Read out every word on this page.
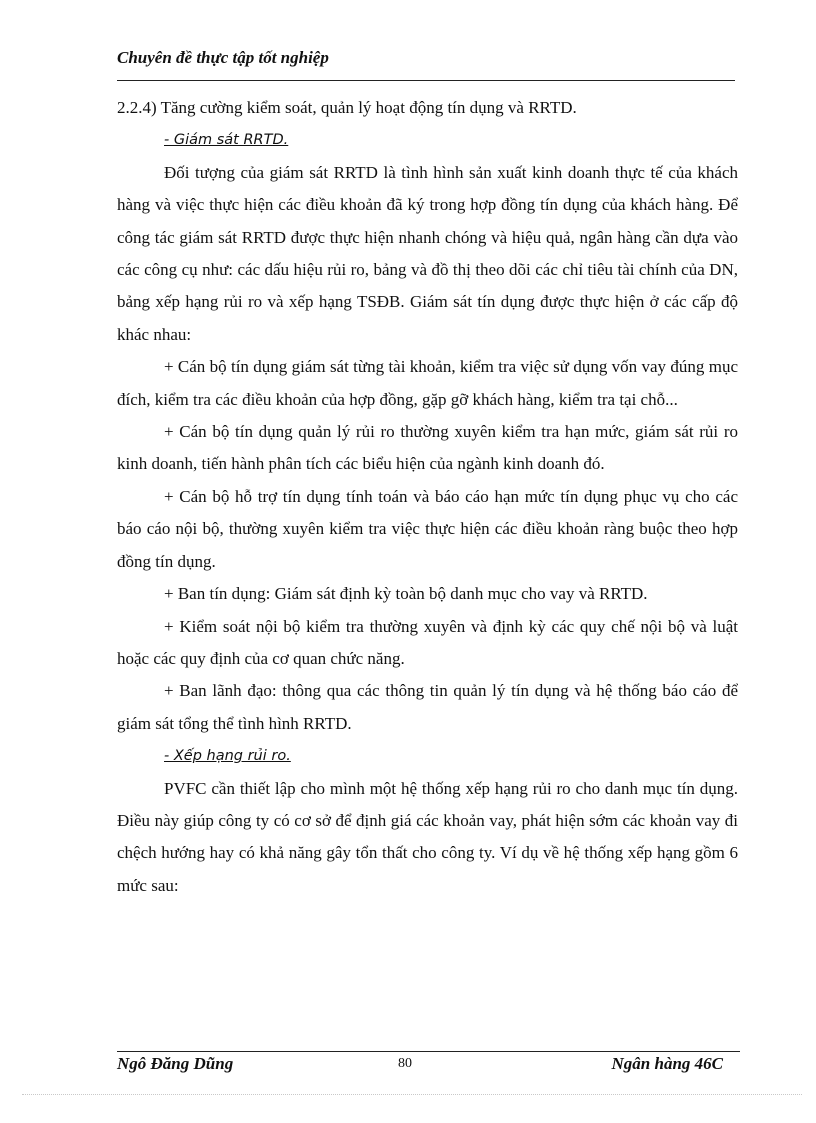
Chuyên đề thực tập tốt nghiệp

2.2.4) Tăng cường kiểm soát, quản lý hoạt động tín dụng và RRTD.

- Giám sát RRTD.

Đối tượng của giám sát RRTD là tình hình sản xuất kinh doanh thực tế của khách hàng và việc thực hiện các điều khoản đã ký trong hợp đồng tín dụng của khách hàng. Để công tác giám sát RRTD được thực hiện nhanh chóng và hiệu quả, ngân hàng cần dựa vào các công cụ như: các dấu hiệu rủi ro, bảng và đồ thị theo dõi các chỉ tiêu tài chính của DN, bảng xếp hạng rủi ro và xếp hạng TSĐB. Giám sát tín dụng được thực hiện ở các cấp độ khác nhau:

+ Cán bộ tín dụng giám sát từng tài khoản, kiểm tra việc sử dụng vốn vay đúng mục đích, kiểm tra các điều khoản của hợp đồng, gặp gỡ khách hàng, kiểm tra tại chỗ...

+ Cán bộ tín dụng quản lý rủi ro thường xuyên kiểm tra hạn mức, giám sát rủi ro kinh doanh, tiến hành phân tích các biểu hiện của ngành kinh doanh đó.

+ Cán bộ hỗ trợ tín dụng tính toán và báo cáo hạn mức tín dụng phục vụ cho các báo cáo nội bộ, thường xuyên kiểm tra việc thực hiện các điều khoản ràng buộc theo hợp đồng tín dụng.

+ Ban tín dụng: Giám sát định kỳ toàn bộ danh mục cho vay và RRTD.

+ Kiểm soát nội bộ kiểm tra thường xuyên và định kỳ các quy chế nội bộ và luật hoặc các quy định của cơ quan chức năng.

+ Ban lãnh đạo: thông qua các thông tin quản lý tín dụng và hệ thống báo cáo để giám sát tổng thể tình hình RRTD.

- Xếp hạng rủi ro.

PVFC cần thiết lập cho mình một hệ thống xếp hạng rủi ro cho danh mục tín dụng. Điều này giúp công ty có cơ sở để định giá các khoản vay, phát hiện sớm các khoản vay đi chệch hướng hay có khả năng gây tổn thất cho công ty. Ví dụ về hệ thống xếp hạng gồm 6 mức sau:

Ngô Đăng Dũng	80	Ngân hàng 46C
